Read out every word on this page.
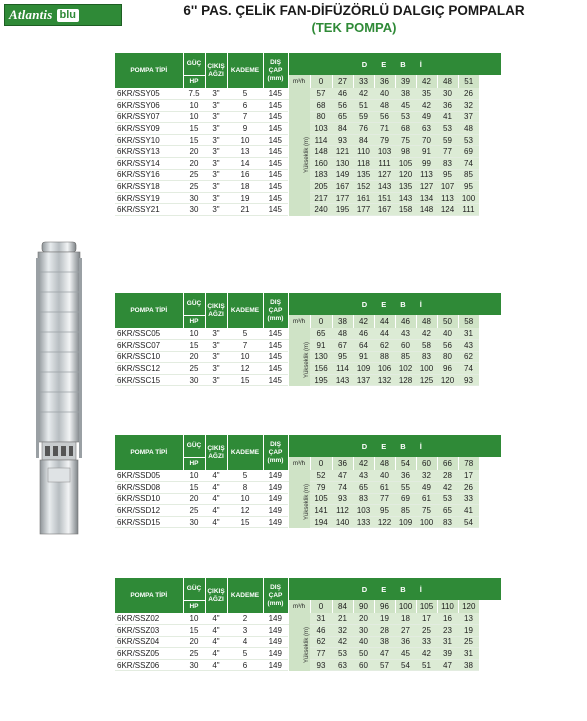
Atlantis blu	6'' PAS. ÇELİK FAN-DİFÜZÖRLÜ DALGIÇ POMPALAR
(TEK POMPA)
POMPA TİPİ	GÜÇ	ÇIKIŞ AĞZI	KADEME	DIŞ ÇAP (mm)	D E B İ								
	HP				m³/h	0	27	33	36	39	42	48	51
6KR/SSY05	7.5	3"	5	145	Yükseklik (m)	57	46	42	40	38	35	30	26
6KR/SSY06	10	3"	6	145		68	56	51	48	45	42	36	32
6KR/SSY07	10	3"	7	145		80	65	59	56	53	49	41	37
6KR/SSY09	15	3"	9	145		103	84	76	71	68	63	53	48
6KR/SSY10	15	3"	10	145		114	93	84	79	75	70	59	53
6KR/SSY13	20	3"	13	145		148	121	110	103	98	91	77	69
6KR/SSY14	20	3"	14	145		160	130	118	111	105	99	83	74
6KR/SSY16	25	3"	16	145		183	149	135	127	120	113	95	85
6KR/SSY18	25	3"	18	145		205	167	152	143	135	127	107	95
6KR/SSY19	30	3"	19	145		217	177	161	151	143	134	113	100
6KR/SSY21	30	3"	21	145		240	195	177	167	158	148	124	111
POMPA TİPİ	GÜÇ	ÇIKIŞ AĞZI	KADEME	DIŞ ÇAP (mm)	D E B İ								
	HP				m³/h	0	38	42	44	46	48	50	58
6KR/SSC05	10	3"	5	145	Yükseklik (m)	65	48	46	44	43	42	40	31
6KR/SSC07	15	3"	7	145		91	67	64	62	60	58	56	43
6KR/SSC10	20	3"	10	145		130	95	91	88	85	83	80	62
6KR/SSC12	25	3"	12	145		156	114	109	106	102	100	96	74
6KR/SSC15	30	3"	15	145		195	143	137	132	128	125	120	93
POMPA TİPİ	GÜÇ	ÇIKIŞ AĞZI	KADEME	DIŞ ÇAP (mm)	D E B İ								
	HP				m³/h	0	36	42	48	54	60	66	78
6KR/SSD05	10	4"	5	149	Yükseklik (m)	52	47	43	40	36	32	28	17
6KR/SSD08	15	4"	8	149		79	74	65	61	55	49	42	26
6KR/SSD10	20	4"	10	149		105	93	83	77	69	61	53	33
6KR/SSD12	25	4"	12	149		141	112	103	95	85	75	65	41
6KR/SSD15	30	4"	15	149		194	140	133	122	109	100	83	54
POMPA TİPİ	GÜÇ	ÇIKIŞ AĞZI	KADEME	DIŞ ÇAP (mm)	D E B İ								
	HP				m³/h	0	84	90	96	100	105	110	120
6KR/SSZ02	10	4"	2	149	Yükseklik (m)	31	21	20	19	18	17	16	13
6KR/SSZ03	15	4"	3	149		46	32	30	28	27	25	23	19
6KR/SSZ04	20	4"	4	149		62	42	40	38	36	33	31	25
6KR/SSZ05	25	4"	5	149		77	53	50	47	45	42	39	31
6KR/SSZ06	30	4"	6	149		93	63	60	57	54	51	47	38
